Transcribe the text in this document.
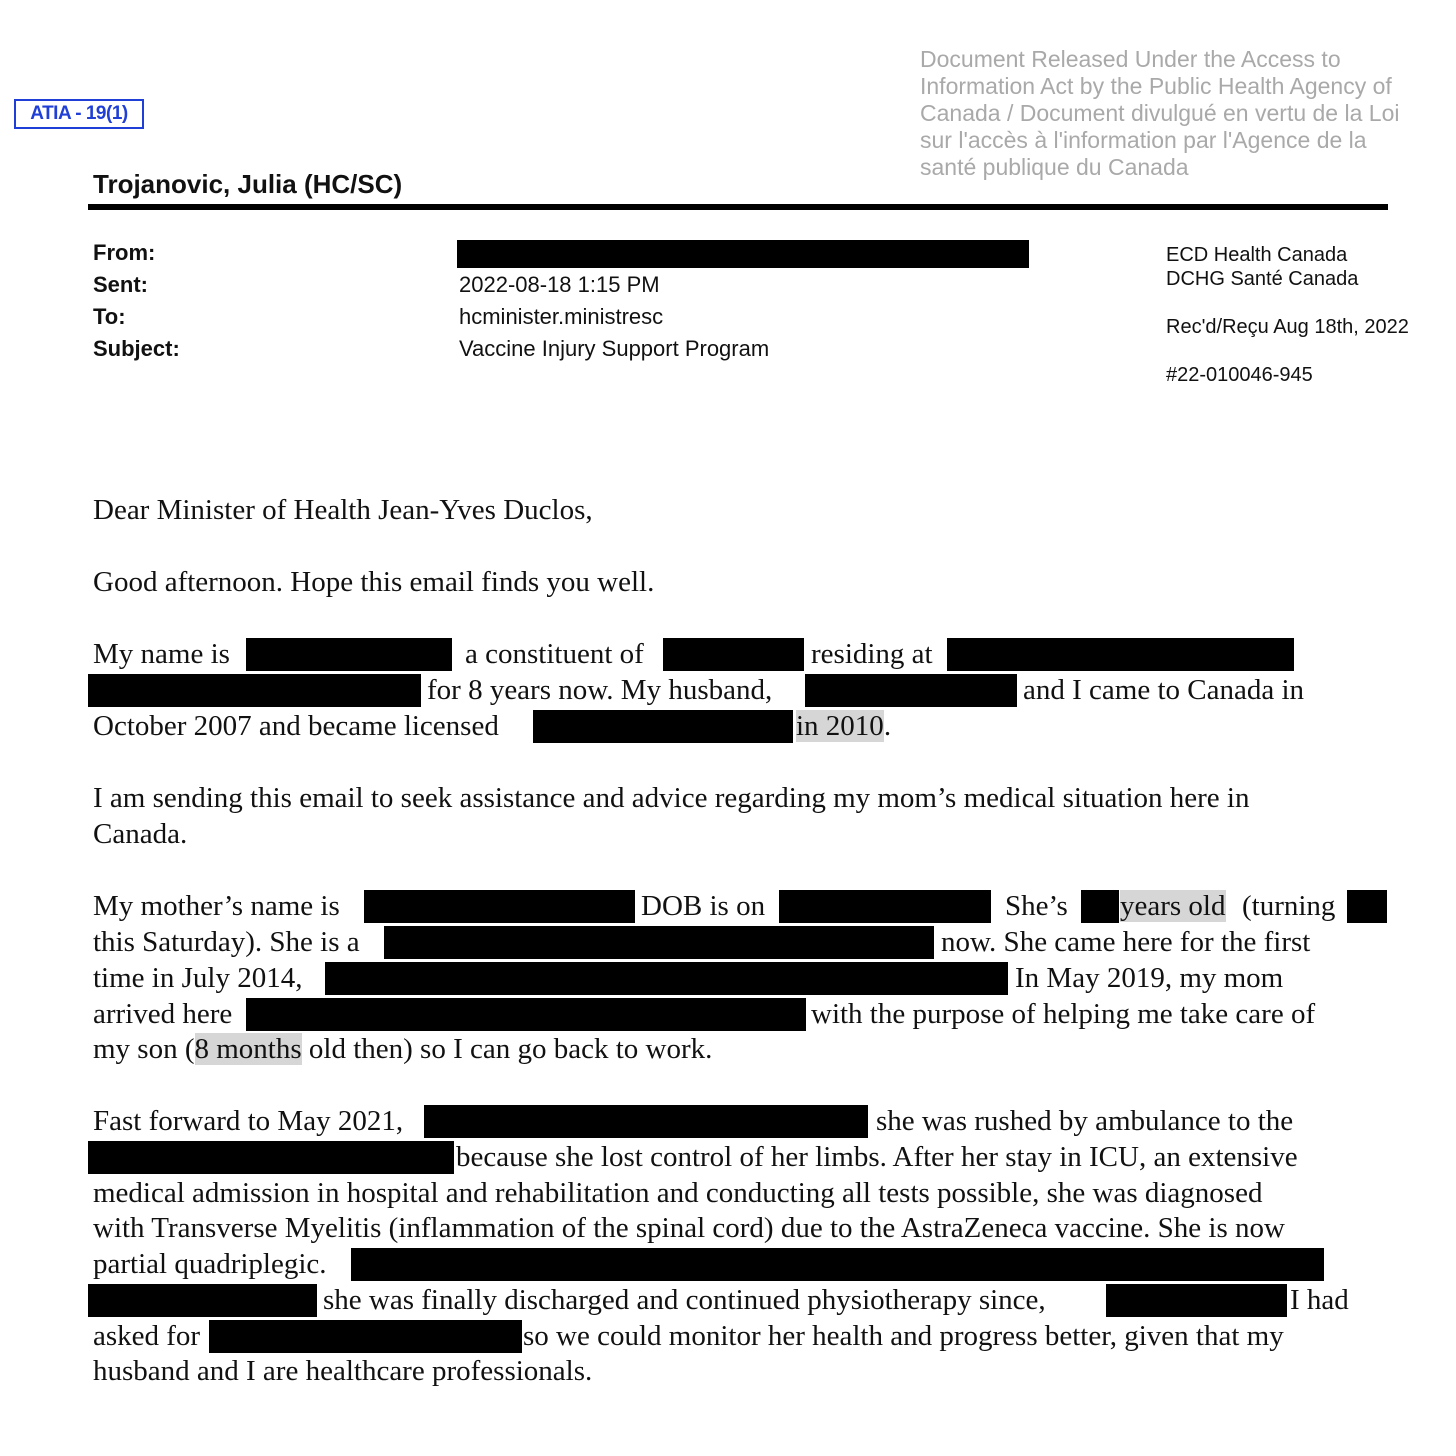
Document Released Under the Access to
Information Act by the Public Health Agency of
Canada / Document divulgué en vertu de la Loi
sur l'accès à l'information par l'Agence de la
santé publique du Canada
ATIA - 19(1)
Trojanovic, Julia (HC/SC)
From:
Sent:	2022-08-18 1:15 PM
To:	hcminister.ministresc
Subject:	Vaccine Injury Support Program
ECD Health Canada
DCHG Santé Canada
Rec'd/Reçu Aug 18th, 2022
#22-010046-945
Dear Minister of Health Jean-Yves Duclos,
Good afternoon. Hope this email finds you well.
My name is	a constituent of	residing at
for 8 years now. My husband,	and I came to Canada in
October 2007 and became licensed	in 2010.
I am sending this email to seek assistance and advice regarding my mom’s medical situation here in
Canada.
My mother’s name is	DOB is on	She’s years old (turning
this Saturday). She is a	now. She came here for the first
time in July 2014,	In May 2019, my mom
arrived here	with the purpose of helping me take care of
my son (8 months old then) so I can go back to work.
Fast forward to May 2021,	she was rushed by ambulance to the
because she lost control of her limbs. After her stay in ICU, an extensive
medical admission in hospital and rehabilitation and conducting all tests possible, she was diagnosed
with Transverse Myelitis (inflammation of the spinal cord) due to the AstraZeneca vaccine. She is now
partial quadriplegic.
she was finally discharged and continued physiotherapy since,	I had
asked for	so we could monitor her health and progress better, given that my
husband and I are healthcare professionals.
